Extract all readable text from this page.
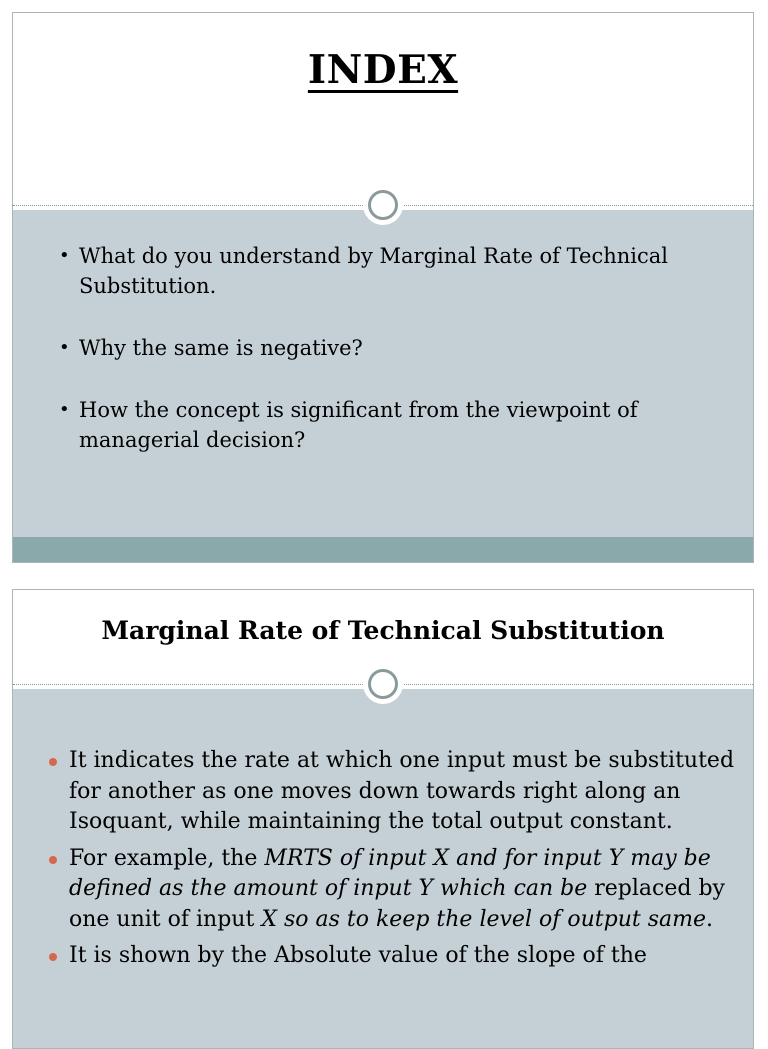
INDEX
• What do you understand by Marginal Rate of Technical Substitution.
• Why the same is negative?
• How the concept is significant from the viewpoint of managerial decision?
Marginal Rate of Technical Substitution
It indicates the rate at which one input must be substituted for another as one moves down towards right along an Isoquant, while maintaining the total output constant.
For example, the MRTS of input X and for input Y may be defined as the amount of input Y which can be replaced by one unit of input X so as to keep the level of output same.
It is shown by the Absolute value of the slope of the
